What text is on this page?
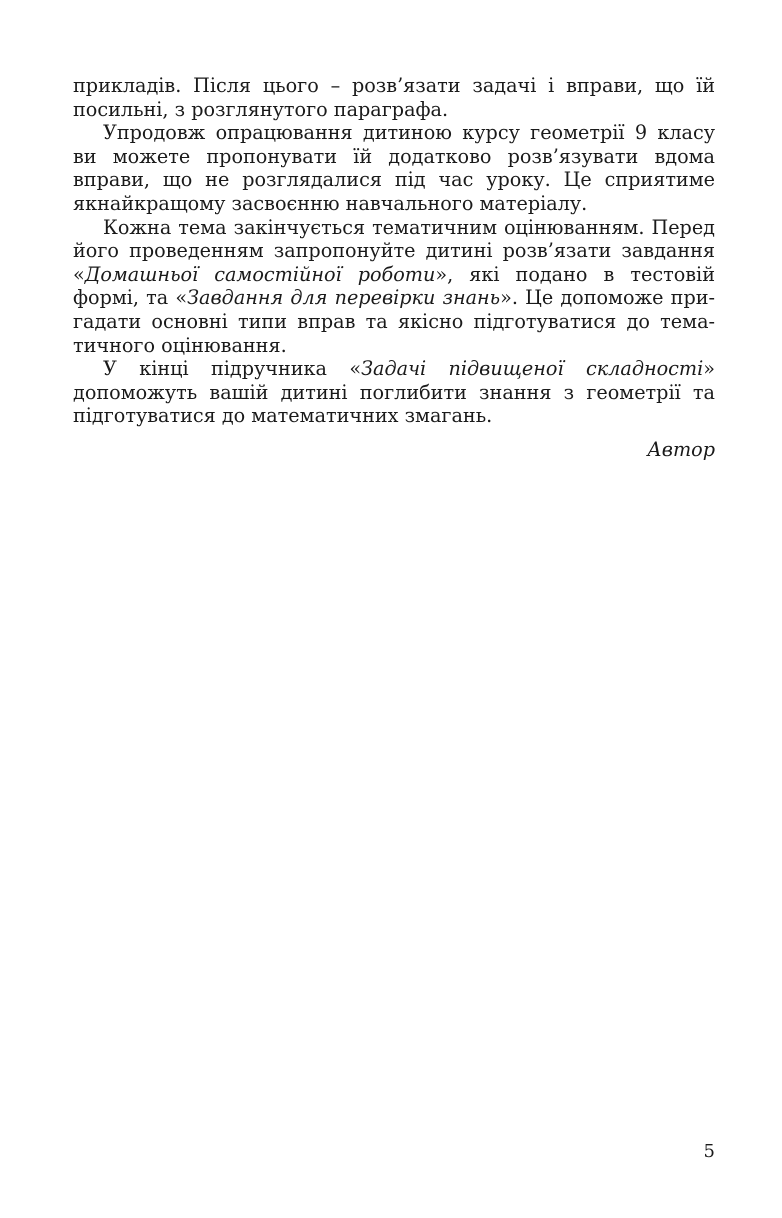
прикладів. Після цього – розв’язати задачі і вправи, що їй посильні, з розглянутого параграфа.

Упродовж опрацювання дитиною курсу геометрії 9 класу ви можете пропонувати їй додатково розв’язувати вдома вправи, що не розглядалися під час уроку. Це сприятиме якнайкращому засвоєнню навчального матеріалу.

Кожна тема закінчується тематичним оцінюванням. Перед його проведенням запропонуйте дитині розв’язати завдання «Домашньої самостійної роботи», які подано в тестовій формі, та «Завдання для перевірки знань». Це допоможе пригадати основні типи вправ та якісно підготуватися до тематичного оцінювання.

У кінці підручника «Задачі підвищеної складності» допоможуть вашій дитині поглибити знання з геометрії та підготуватися до математичних змагань.

Автор

5
